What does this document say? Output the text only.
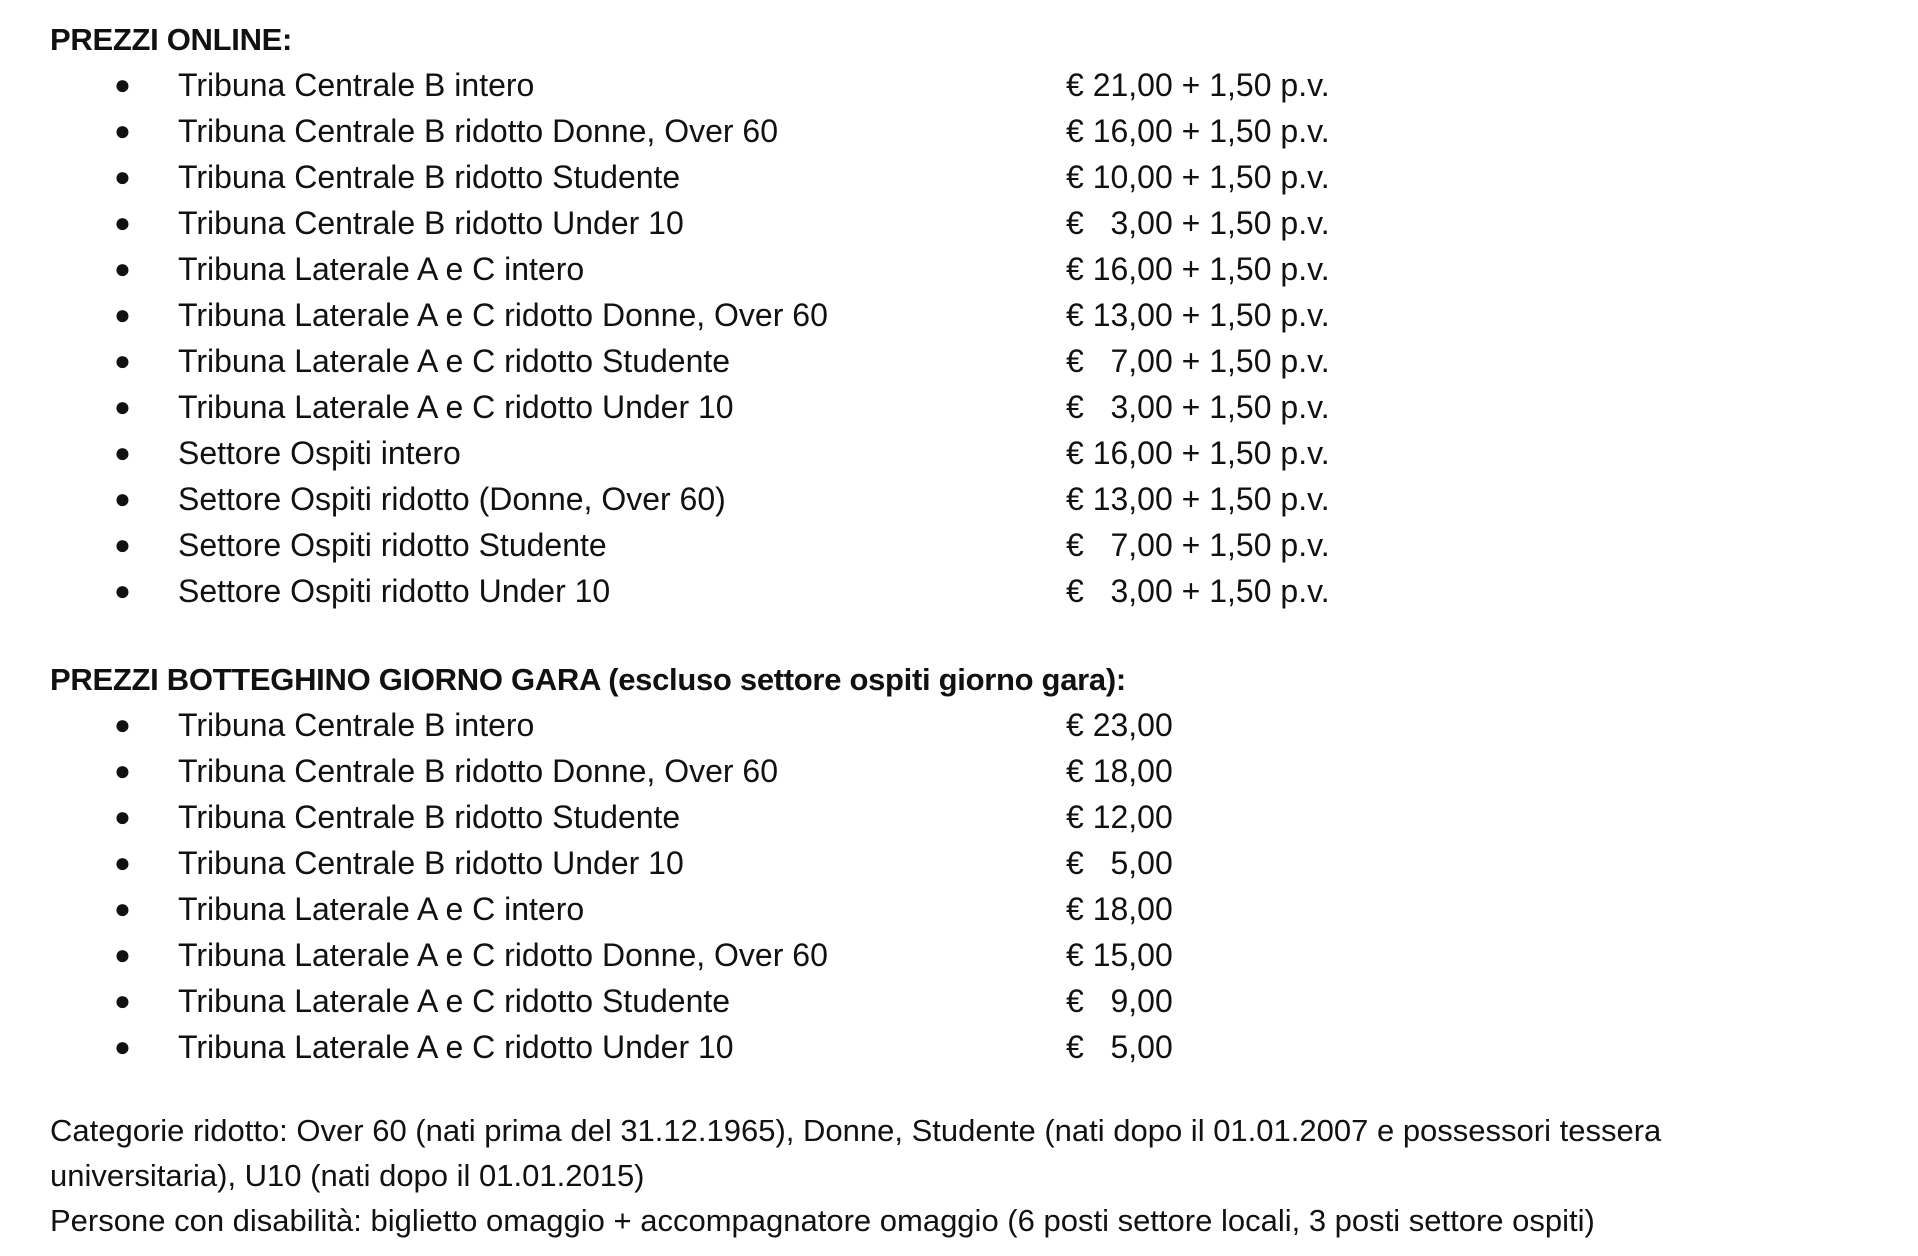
PREZZI ONLINE:
● Tribuna Centrale B intero	€ 21,00 + 1,50 p.v.
● Tribuna Centrale B ridotto Donne, Over 60	€ 16,00 + 1,50 p.v.
● Tribuna Centrale B ridotto Studente	€ 10,00 + 1,50 p.v.
● Tribuna Centrale B ridotto Under 10	€   3,00 + 1,50 p.v.
● Tribuna Laterale A e C intero	€ 16,00 + 1,50 p.v.
● Tribuna Laterale A e C ridotto Donne, Over 60	€ 13,00 + 1,50 p.v.
● Tribuna Laterale A e C ridotto Studente	€   7,00 + 1,50 p.v.
● Tribuna Laterale A e C ridotto Under 10	€   3,00 + 1,50 p.v.
● Settore Ospiti intero	€ 16,00 + 1,50 p.v.
● Settore Ospiti ridotto (Donne, Over 60)	€ 13,00 + 1,50 p.v.
● Settore Ospiti ridotto Studente	€   7,00 + 1,50 p.v.
● Settore Ospiti ridotto Under 10	€   3,00 + 1,50 p.v.
PREZZI BOTTEGHINO GIORNO GARA (escluso settore ospiti giorno gara):
● Tribuna Centrale B intero	€ 23,00
● Tribuna Centrale B ridotto Donne, Over 60	€ 18,00
● Tribuna Centrale B ridotto Studente	€ 12,00
● Tribuna Centrale B ridotto Under 10	€   5,00
● Tribuna Laterale A e C intero	€ 18,00
● Tribuna Laterale A e C ridotto Donne, Over 60	€ 15,00
● Tribuna Laterale A e C ridotto Studente	€   9,00
● Tribuna Laterale A e C ridotto Under 10	€   5,00

Categorie ridotto: Over 60 (nati prima del 31.12.1965), Donne, Studente (nati dopo il 01.01.2007 e possessori tessera universitaria), U10 (nati dopo il 01.01.2015)

Persone con disabilità: biglietto omaggio + accompagnatore omaggio (6 posti settore locali, 3 posti settore ospiti)
